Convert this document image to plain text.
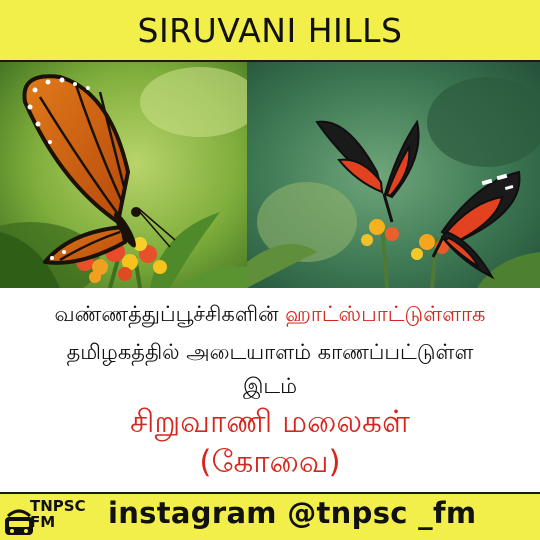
SIRUVANI HILLS
வண்ணத்துப்பூச்சிகளின் ஹாட்ஸ்பாட்டுள்ளாக
தமிழகத்தில் அடையாளம் காணப்பட்டுள்ள
இடம்
சிறுவாணி மலைகள்
(கோவை)
TNPSC
FM instagram @tnpsc _fm
